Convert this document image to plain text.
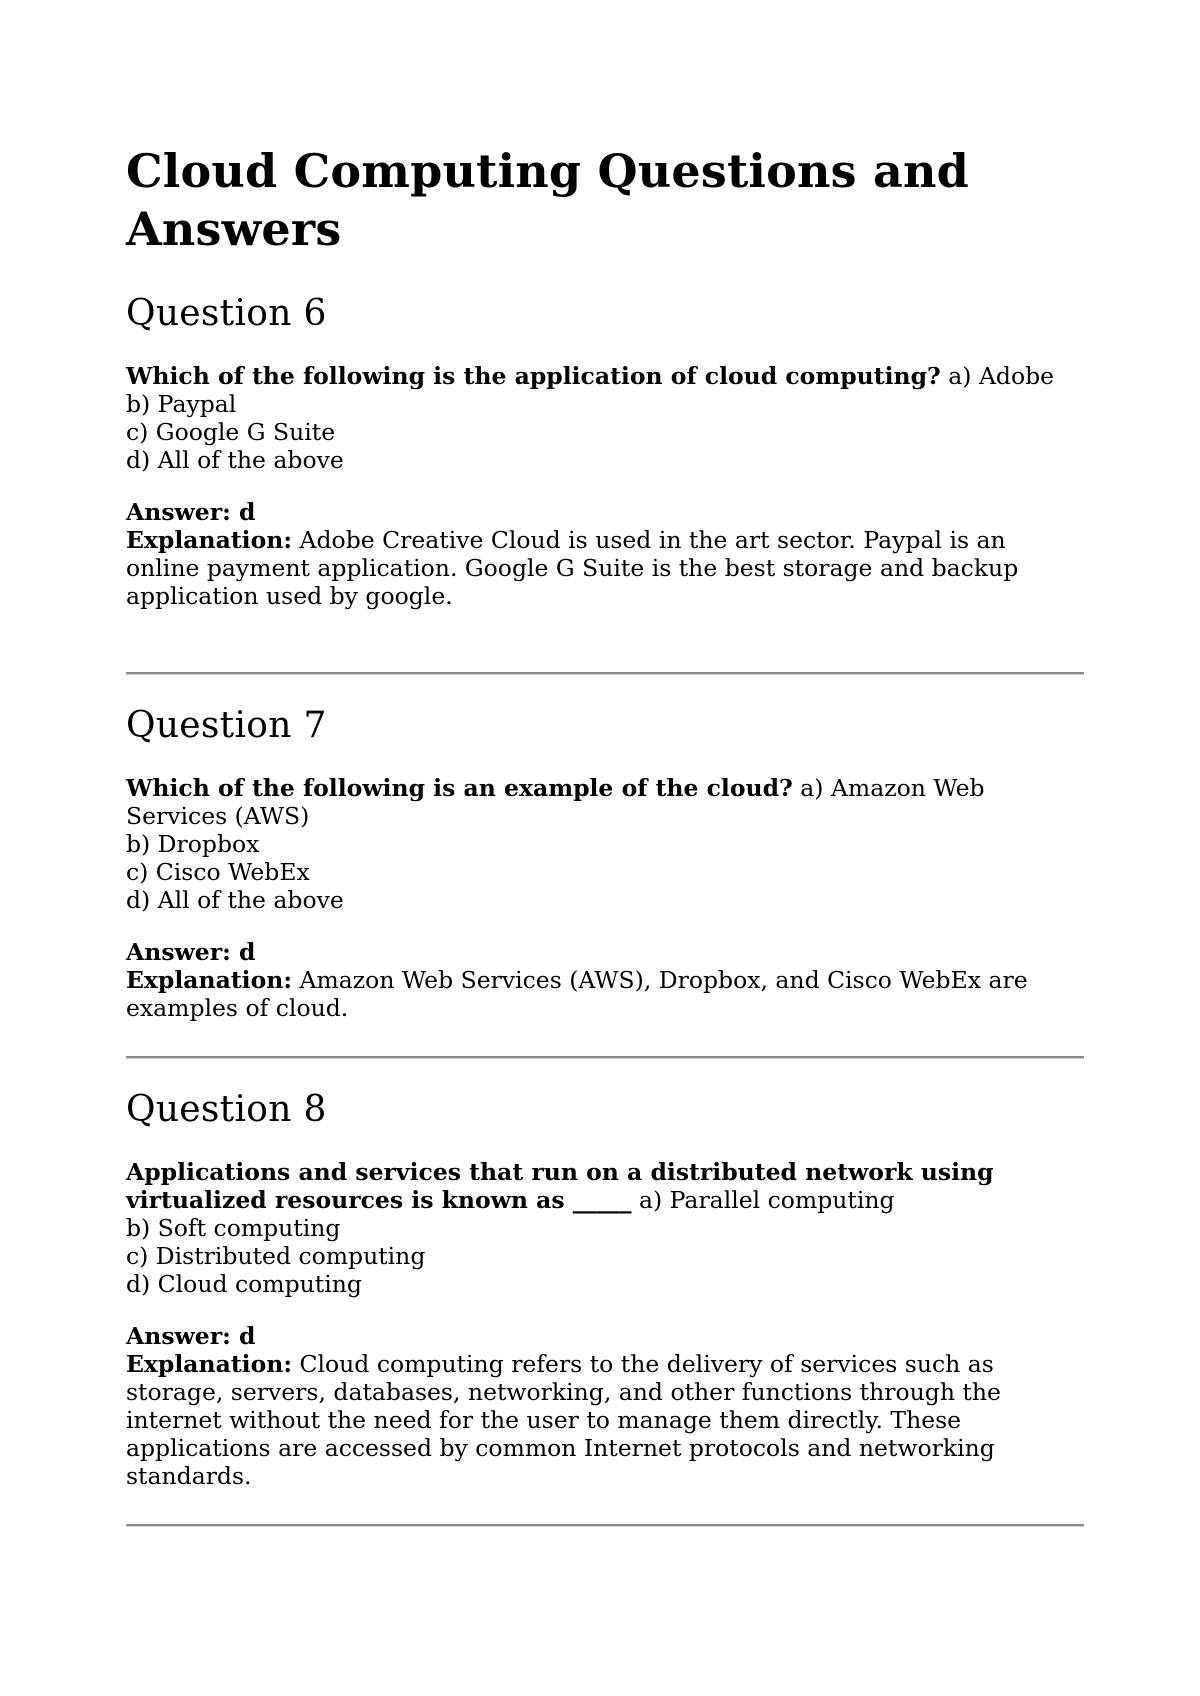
Cloud Computing Questions and Answers
Question 6

Which of the following is the application of cloud computing? a) Adobe

b) Paypal
c) Google G Suite
d) All of the above
Answer: d
Explanation: Adobe Creative Cloud is used in the art sector. Paypal is an online payment application. Google G Suite is the best storage and backup application used by google.
Question 7

Which of the following is an example of the cloud? a) Amazon Web Services (AWS)

b) Dropbox
c) Cisco WebEx
d) All of the above
Answer: d
Explanation: Amazon Web Services (AWS), Dropbox, and Cisco WebEx are examples of cloud.
Question 8

Applications and services that run on a distributed network using virtualized resources is known as _____ a) Parallel computing

b) Soft computing
c) Distributed computing
d) Cloud computing
Answer: d
Explanation: Cloud computing refers to the delivery of services such as storage, servers, databases, networking, and other functions through the internet without the need for the user to manage them directly. These applications are accessed by common Internet protocols and networking standards.
